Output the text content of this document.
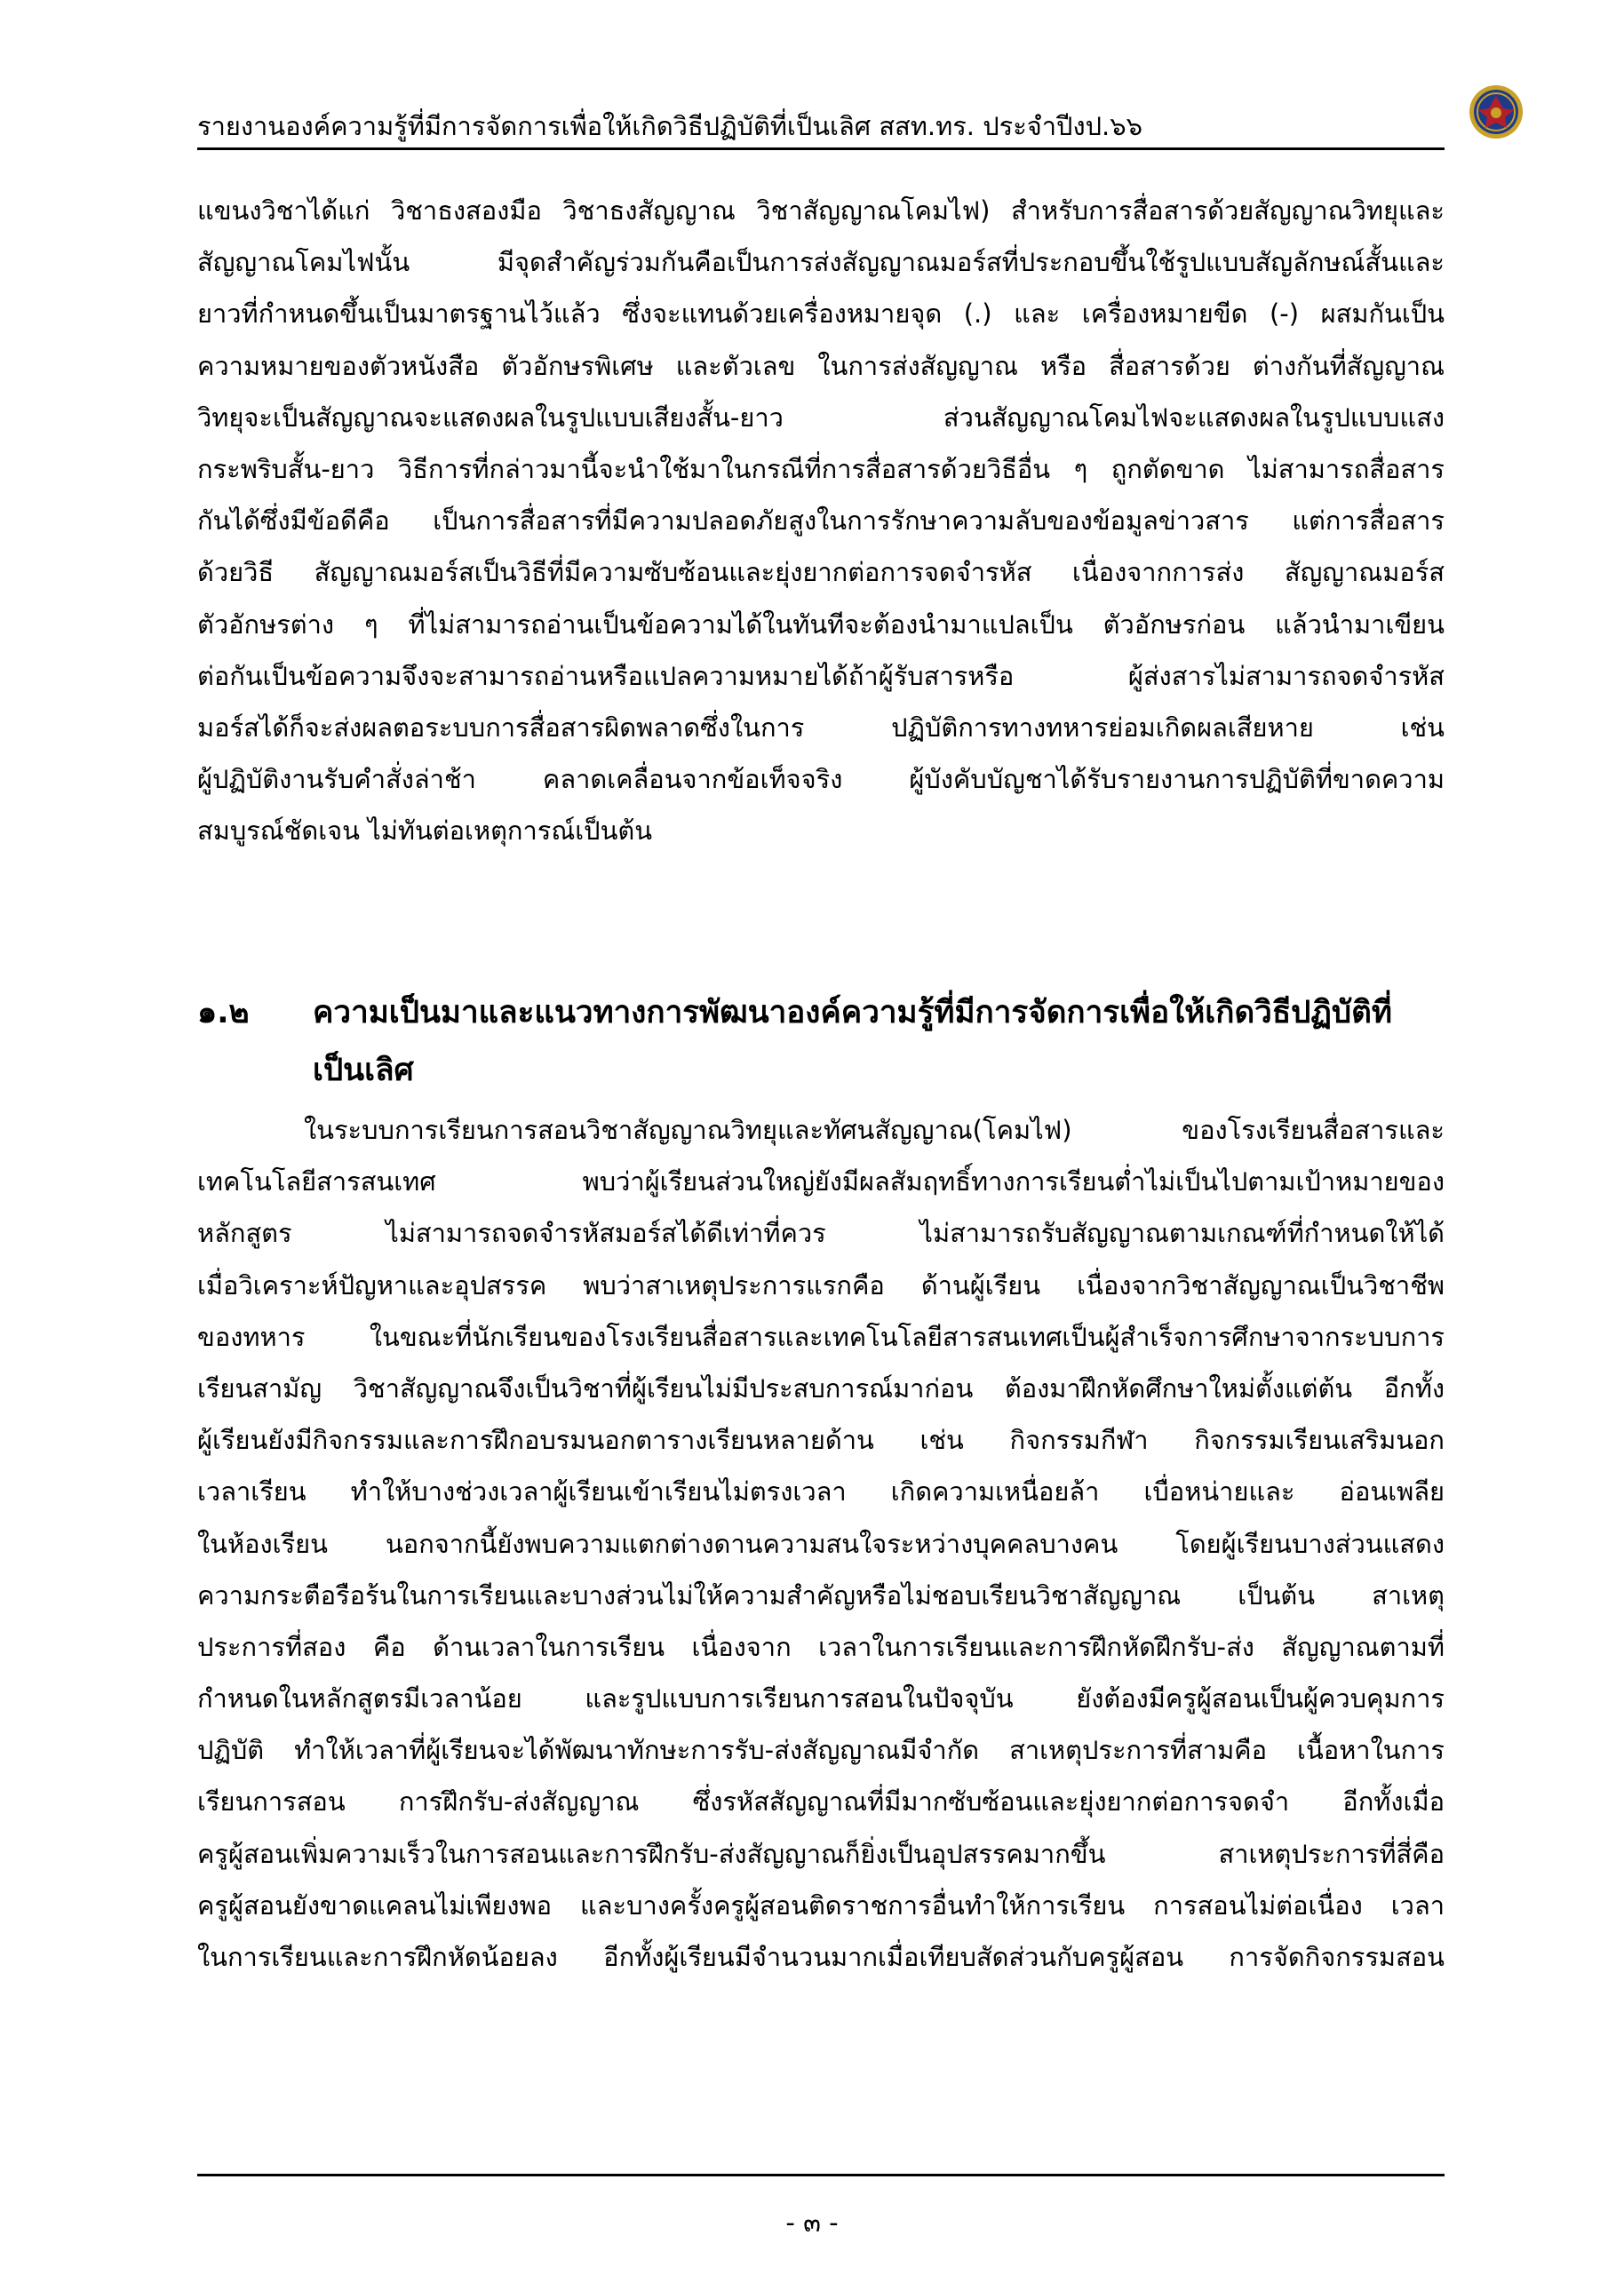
รายงานองค์ความรู้ที่มีการจัดการเพื่อให้เกิดวิธีปฏิบัติที่เป็นเลิศ สสท.ทร. ประจำปีงป.๖๖
แขนงวิชาได้แก่ วิชาธงสองมือ วิชาธงสัญญาณ วิชาสัญญาณโคมไฟ) สำหรับการสื่อสารด้วยสัญญาณวิทยุและ
สัญญาณโคมไฟนั้น มีจุดสำคัญร่วมกันคือเป็นการส่งสัญญาณมอร์สที่ประกอบขึ้นใช้รูปแบบสัญลักษณ์สั้นและ
ยาวที่กำหนดขึ้นเป็นมาตรฐานไว้แล้ว ซึ่งจะแทนด้วยเครื่องหมายจุด (.) และ เครื่องหมายขีด (-) ผสมกันเป็น
ความหมายของตัวหนังสือ ตัวอักษรพิเศษ และตัวเลข ในการส่งสัญญาณ หรือ สื่อสารด้วย ต่างกันที่สัญญาณ
วิทยุจะเป็นสัญญาณจะแสดงผลในรูปแบบเสียงสั้น-ยาว ส่วนสัญญาณโคมไฟจะแสดงผลในรูปแบบแสง
กระพริบสั้น-ยาว วิธีการที่กล่าวมานี้จะนำใช้มาในกรณีที่การสื่อสารด้วยวิธีอื่น ๆ ถูกตัดขาด ไม่สามารถสื่อสาร
กันได้ซึ่งมีข้อดีคือ เป็นการสื่อสารที่มีความปลอดภัยสูงในการรักษาความลับของข้อมูลข่าวสาร แต่การสื่อสาร
ด้วยวิธี สัญญาณมอร์สเป็นวิธีที่มีความซับซ้อนและยุ่งยากต่อการจดจำรหัส เนื่องจากการส่ง สัญญาณมอร์ส
ตัวอักษรต่าง ๆ ที่ไม่สามารถอ่านเป็นข้อความได้ในทันทีจะต้องนำมาแปลเป็น ตัวอักษรก่อน แล้วนำมาเขียน
ต่อกันเป็นข้อความจึงจะสามารถอ่านหรือแปลความหมายได้ถ้าผู้รับสารหรือ ผู้ส่งสารไม่สามารถจดจำรหัส
มอร์สได้ก็จะส่งผลตอระบบการสื่อสารผิดพลาดซึ่งในการ ปฏิบัติการทางทหารย่อมเกิดผลเสียหาย เช่น
ผู้ปฏิบัติงานรับคำสั่งล่าช้า คลาดเคลื่อนจากข้อเท็จจริง ผู้บังคับบัญชาได้รับรายงานการปฏิบัติที่ขาดความ
สมบูรณ์ชัดเจน ไม่ทันต่อเหตุการณ์เป็นต้น
๑.๒ ความเป็นมาและแนวทางการพัฒนาองค์ความรู้ที่มีการจัดการเพื่อให้เกิดวิธีปฏิบัติที่
เป็นเลิศ
ในระบบการเรียนการสอนวิชาสัญญาณวิทยุและทัศนสัญญาณ(โคมไฟ) ของโรงเรียนสื่อสารและ
เทคโนโลยีสารสนเทศ พบว่าผู้เรียนส่วนใหญ่ยังมีผลสัมฤทธิ์ทางการเรียนต่ำไม่เป็นไปตามเป้าหมายของ
หลักสูตร ไม่สามารถจดจำรหัสมอร์สได้ดีเท่าที่ควร ไม่สามารถรับสัญญาณตามเกณฑ์ที่กำหนดให้ได้
เมื่อวิเคราะห์ปัญหาและอุปสรรค พบว่าสาเหตุประการแรกคือ ด้านผู้เรียน เนื่องจากวิชาสัญญาณเป็นวิชาชีพ
ของทหาร ในขณะที่นักเรียนของโรงเรียนสื่อสารและเทคโนโลยีสารสนเทศเป็นผู้สำเร็จการศึกษาจากระบบการ
เรียนสามัญ วิชาสัญญาณจึงเป็นวิชาที่ผู้เรียนไม่มีประสบการณ์มาก่อน ต้องมาฝึกหัดศึกษาใหม่ตั้งแต่ต้น อีกทั้ง
ผู้เรียนยังมีกิจกรรมและการฝึกอบรมนอกตารางเรียนหลายด้าน เช่น กิจกรรมกีฬา กิจกรรมเรียนเสริมนอก
เวลาเรียน ทำให้บางช่วงเวลาผู้เรียนเข้าเรียนไม่ตรงเวลา เกิดความเหนื่อยล้า เบื่อหน่ายและ อ่อนเพลีย
ในห้องเรียน นอกจากนี้ยังพบความแตกต่างดานความสนใจระหว่างบุคคลบางคน โดยผู้เรียนบางส่วนแสดง
ความกระตือรือร้นในการเรียนและบางส่วนไม่ให้ความสำคัญหรือไม่ชอบเรียนวิชาสัญญาณ เป็นต้น สาเหตุ
ประการที่สอง คือ ด้านเวลาในการเรียน เนื่องจาก เวลาในการเรียนและการฝึกหัดฝึกรับ-ส่ง สัญญาณตามที่
กำหนดในหลักสูตรมีเวลาน้อย และรูปแบบการเรียนการสอนในปัจจุบัน ยังต้องมีครูผู้สอนเป็นผู้ควบคุมการ
ปฏิบัติ ทำให้เวลาที่ผู้เรียนจะได้พัฒนาทักษะการรับ-ส่งสัญญาณมีจำกัด สาเหตุประการที่สามคือ เนื้อหาในการ
เรียนการสอน การฝึกรับ-ส่งสัญญาณ ซึ่งรหัสสัญญาณที่มีมากซับซ้อนและยุ่งยากต่อการจดจำ อีกทั้งเมื่อ
ครูผู้สอนเพิ่มความเร็วในการสอนและการฝึกรับ-ส่งสัญญาณก็ยิ่งเป็นอุปสรรคมากขึ้น สาเหตุประการที่สี่คือ
ครูผู้สอนยังขาดแคลนไม่เพียงพอ และบางครั้งครูผู้สอนติดราชการอื่นทำให้การเรียน การสอนไม่ต่อเนื่อง เวลา
ในการเรียนและการฝึกหัดน้อยลง อีกทั้งผู้เรียนมีจำนวนมากเมื่อเทียบสัดส่วนกับครูผู้สอน การจัดกิจกรรมสอน
- ๓ -
